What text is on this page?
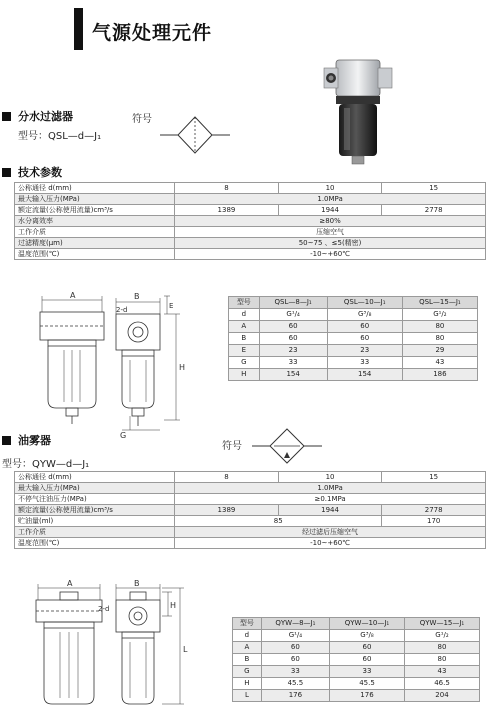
气源处理元件
分水过滤器	符号
型号：QSL—d—J₁
技术参数
公称通径 d(mm)	8	10	15
最大输入压力(MPa)	1.0MPa		
额定流量(公称使用流量)cm³/s	1389	1944	2778
水分离效率	≥80%		
工作介质	压缩空气		
过滤精度(μm)	50~75 、≤5(精密)		
温度范围(℃)	-10~+60℃		
A	B
2-d	E
H
G
型号	QSL—8—J₁	QSL—10—J₁	QSL—15—J₁
d	G¹/₄	G³/₈	G¹/₂
A	60	60	80
B	60	60	80
E	23	23	29
G	33	33	43
H	154	154	186
油雾器	符号
型号：QYW—d—J₁
公称通径 d(mm)	8	10	15
最大输入压力(MPa)	1.0MPa		
不停气注油压力(MPa)	≥0.1MPa		
额定流量(公称使用流量)cm³/s	1389	1944	2778
贮油量(ml)	85		170
工作介质	经过滤后压缩空气		
温度范围(℃)	-10~+60℃		
A	B
2-d	H
L
型号	QYW—8—J₁	QYW—10—J₁	QYW—15—J₁
d	G¹/₄	G³/₈	G¹/₂
A	60	60	80
B	60	60	80
G	33	33	43
H	45.5	45.5	46.5
L	176	176	204
